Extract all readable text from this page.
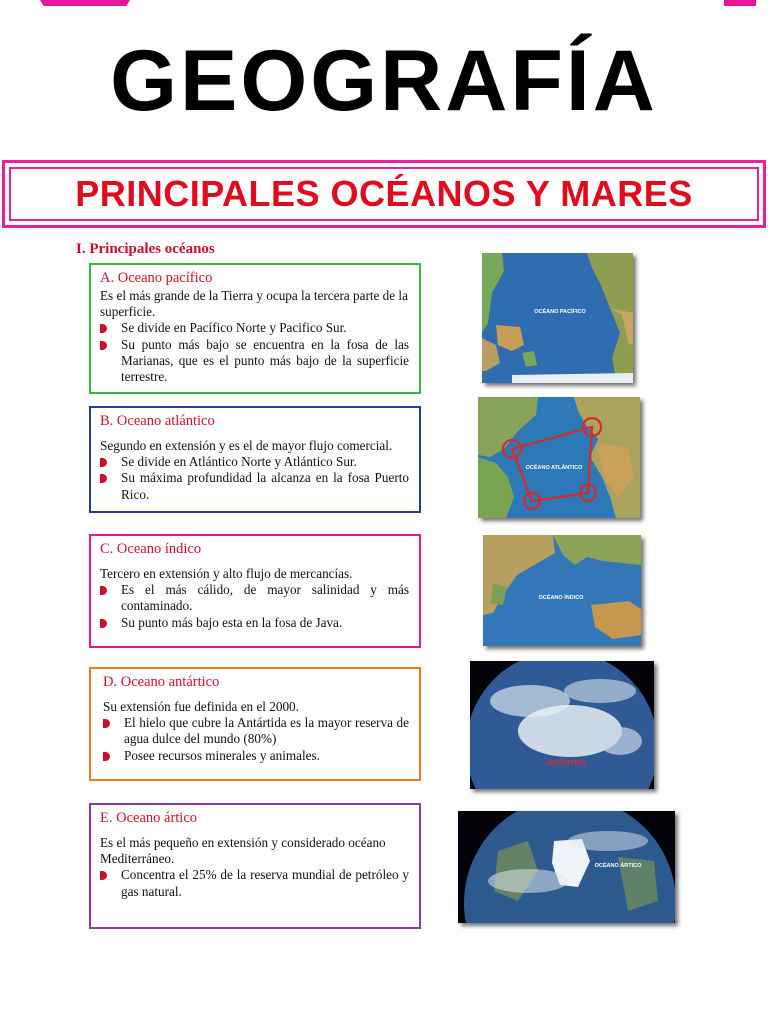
GEOGRAFÍA
PRINCIPALES OCÉANOS Y MARES
I. Principales océanos
A. Oceano pacífico
Es el más grande de la Tierra y ocupa la tercera parte de la superficie.
Se divide en Pacífico Norte y Pacifico Sur.
Su punto más bajo se encuentra en la fosa de las Marianas, que es el punto más bajo de la superficie terrestre.
B. Oceano atlántico
Segundo en extensión y es el de mayor flujo comercial.
Se divide en Atlántico Norte y Atlántico Sur.
Su máxima profundidad la alcanza en la fosa Puerto Rico.
C. Oceano índico
Tercero en extensión y alto flujo de mercancías.
Es el más cálido, de mayor salinidad y más contaminado.
Su punto más bajo esta en la fosa de Java.
D. Oceano antártico
Su extensión fue definida en el 2000.
El hielo que cubre la Antártida es la mayor reserva de agua dulce del mundo (80%)
Posee recursos minerales y animales.
E. Oceano ártico
Es el más pequeño en extensión y considerado océano Mediterráneo.
Concentra el 25% de la reserva mundial de petróleo y gas natural.
OCÉANO PACÍFICO
OCÉANO ATLÁNTICO
OCÉANO ÍNDICO
ANTÁRTIDA
OCÉANO ÁRTICO
